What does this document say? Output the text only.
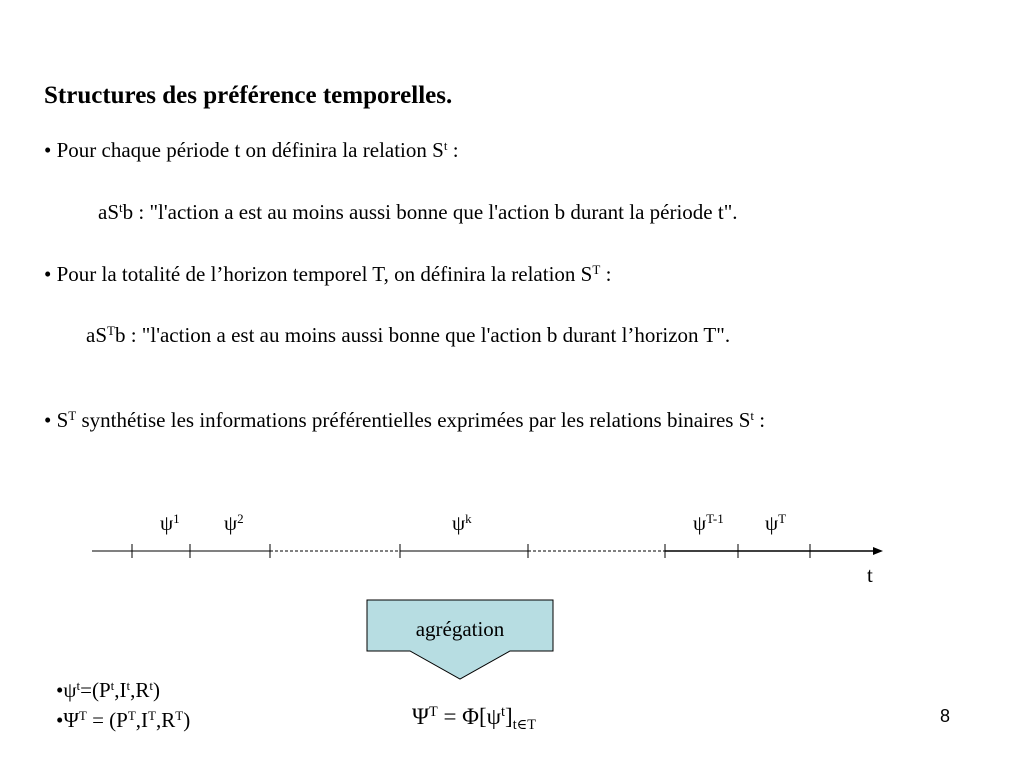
Structures des préférence temporelles.
• Pour chaque période t on définira la relation $S^t$ :
$aS^tb$ : "l'action a est au moins aussi bonne que l'action b durant la période t".
• Pour la totalité de l’horizon temporel T, on définira la relation $S^T$ :
$aS^Tb$ : "l'action a est au moins aussi bonne que l'action b durant l’horizon T".
• $S^T$ synthétise les informations préférentielles exprimées par les relations binaires $S^t$ :
$\psi^1$ $\psi^2$	$\psi^k$	$\psi^{T-1}$ $\psi^T$
t
agrégation
$•\psi^t=(P^t,I^t,R^t)$
$•\Psi^T = (P^T,I^T,R^T)$	$\Psi^T = \Phi[\psi^t]_{t\in T}$	8
